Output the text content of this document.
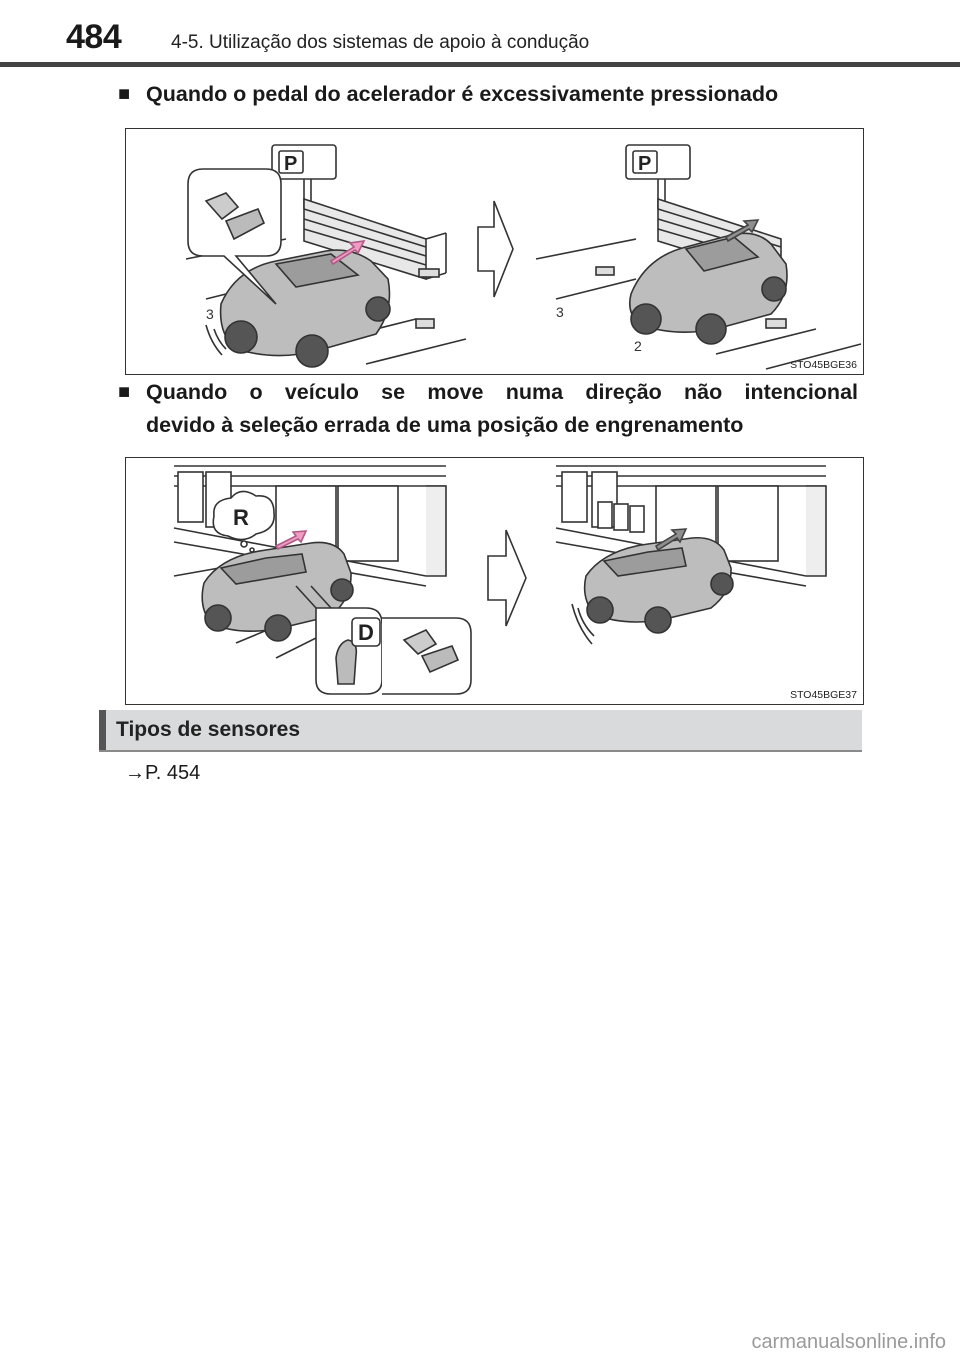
484	4-5. Utilização dos sistemas de apoio à condução
■ Quando o pedal do acelerador é excessivamente pressionado
3	3
P	P
2
STO45BGE36
■ Quando o veículo se move numa direção não intencional
devido à seleção errada de uma posição de engrenamento
R
D
STO45BGE37
Tipos de sensores
→P. 454
carmanualsonline.info
